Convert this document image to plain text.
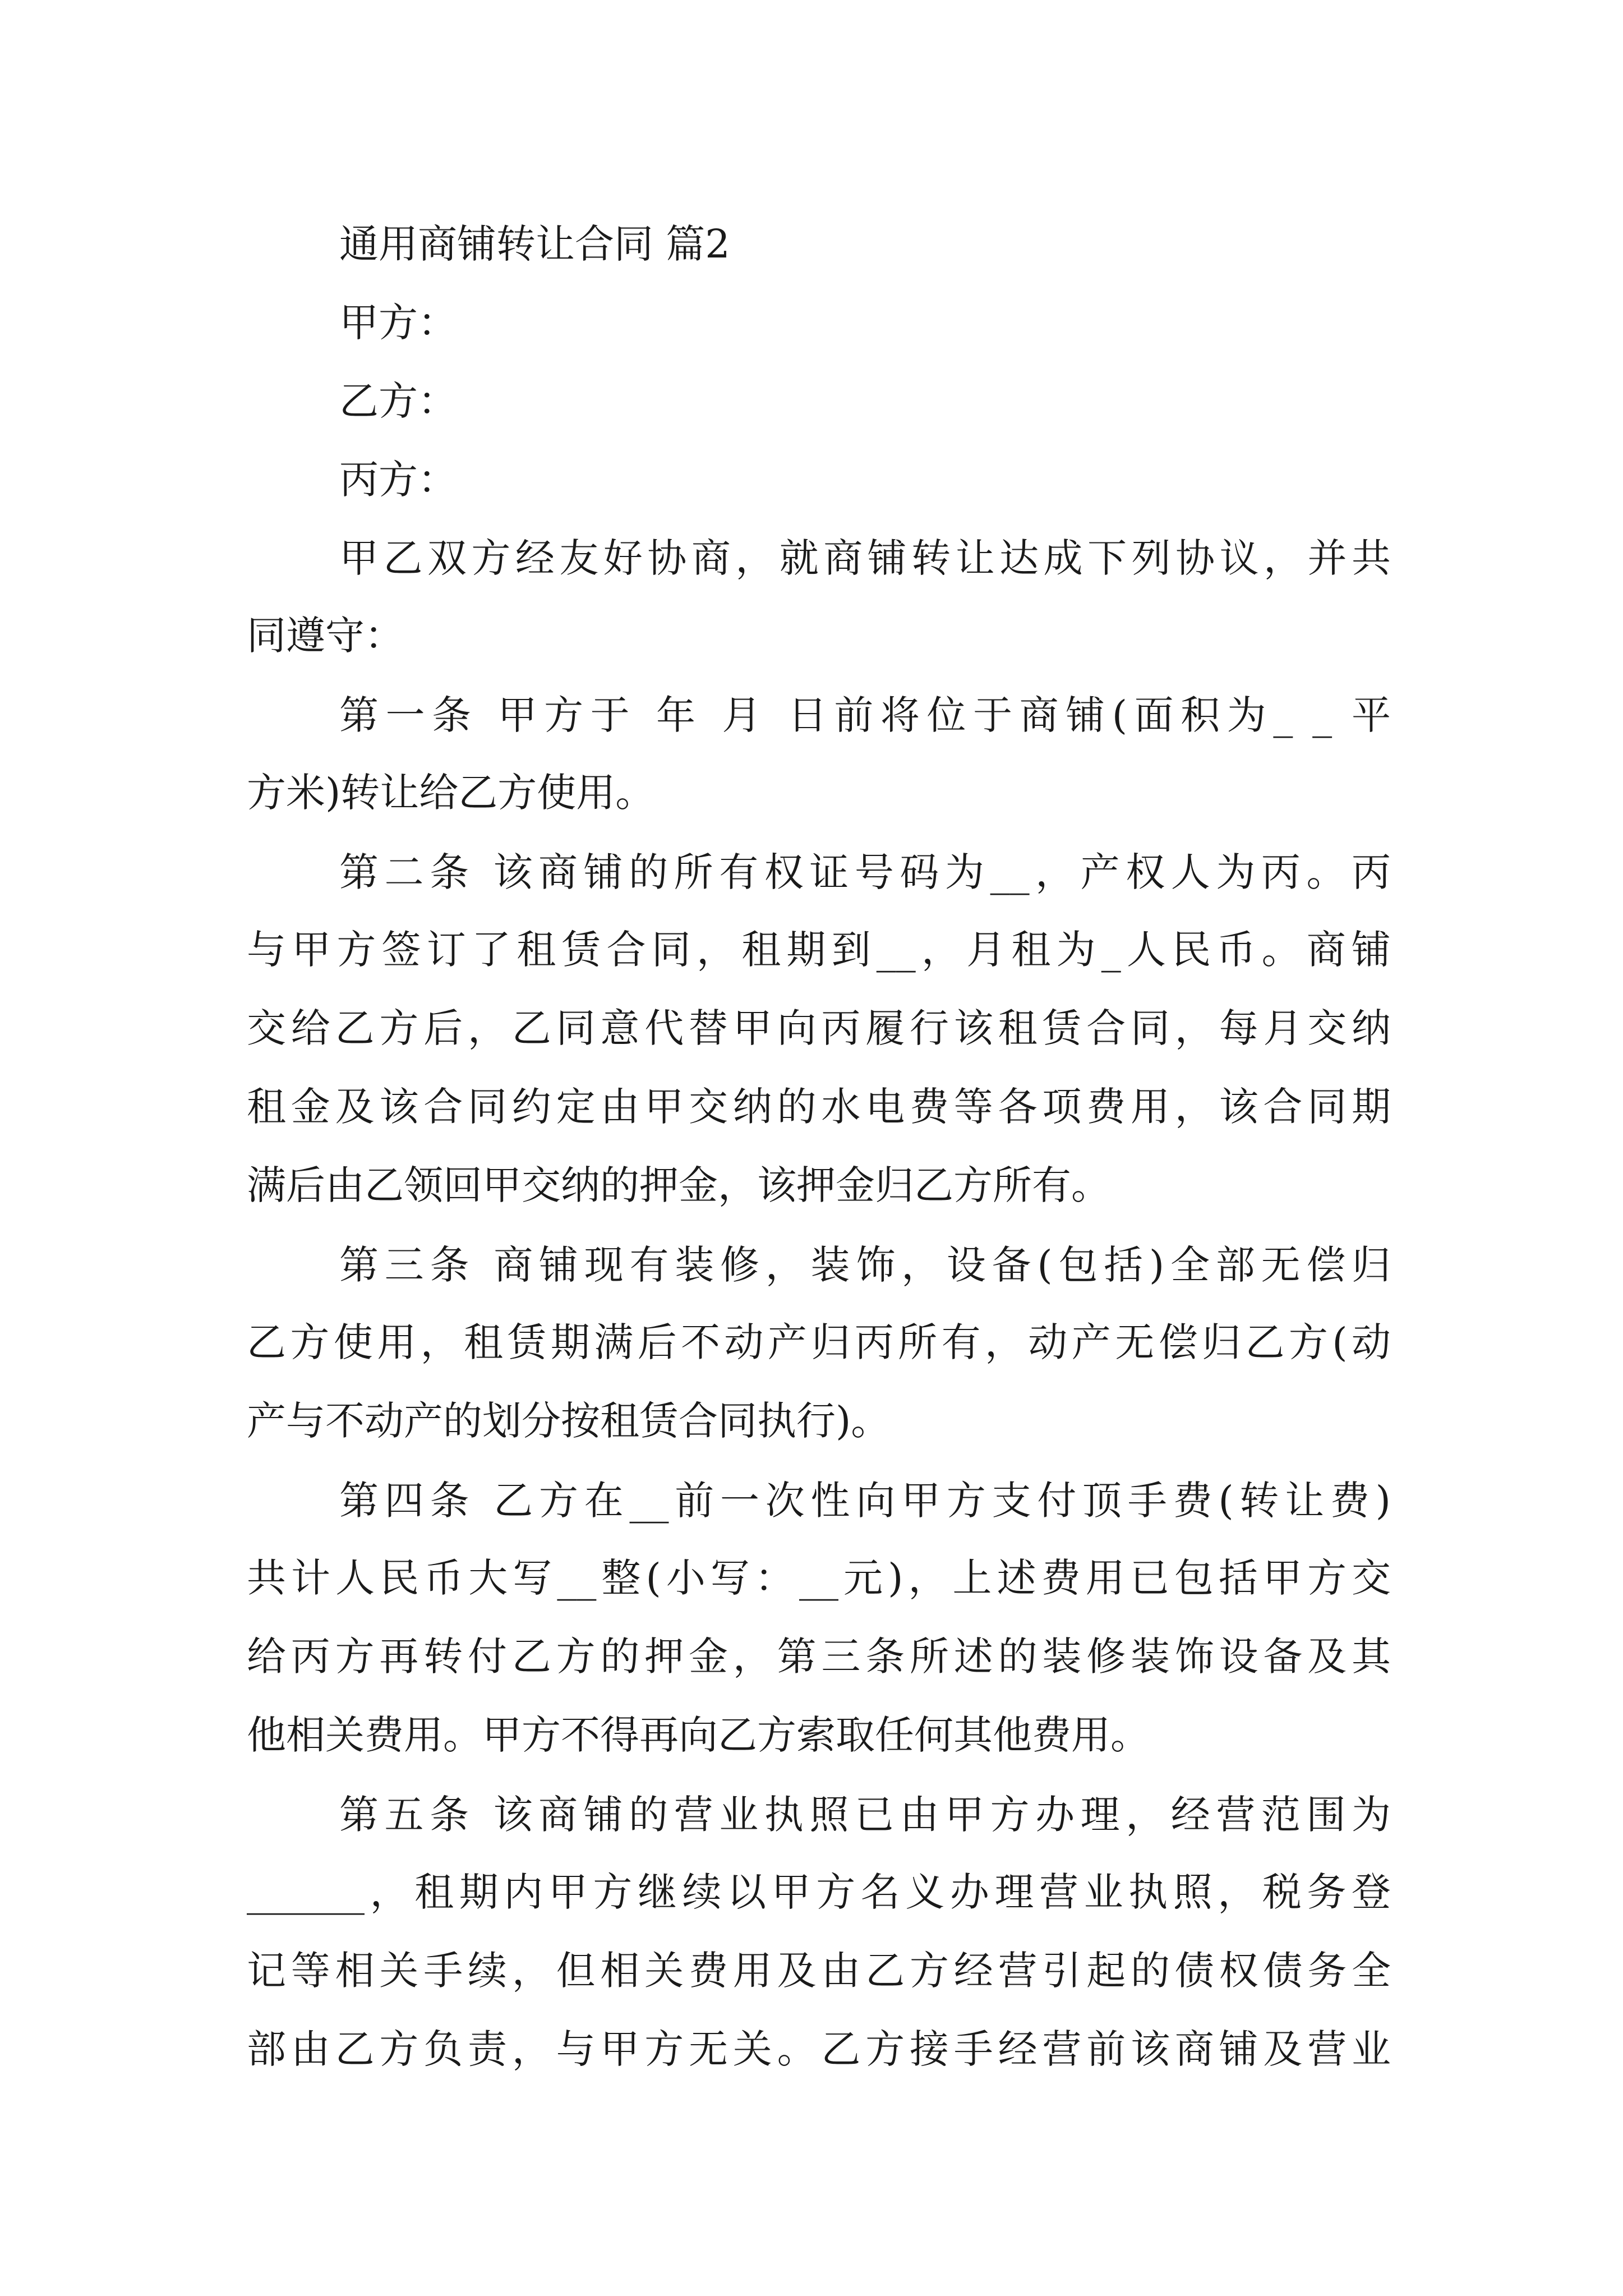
通用商铺转让合同 篇2
甲方：
乙方：
丙方：
甲乙双方经友好协商，就商铺转让达成下列协议，并共
同遵守：
第一条 甲方于 年 月 日前将位于商铺(面积为_ _ 平
方米)转让给乙方使用。
第二条 该商铺的所有权证号码为__，产权人为丙。丙
与甲方签订了租赁合同，租期到__，月租为_人民币。商铺
交给乙方后，乙同意代替甲向丙履行该租赁合同，每月交纳
租金及该合同约定由甲交纳的水电费等各项费用，该合同期
满后由乙领回甲交纳的押金，该押金归乙方所有。
第三条 商铺现有装修，装饰，设备(包括)全部无偿归
乙方使用，租赁期满后不动产归丙所有，动产无偿归乙方(动
产与不动产的划分按租赁合同执行)。
第四条 乙方在__前一次性向甲方支付顶手费(转让费)
共计人民币大写__整(小写：__元)，上述费用已包括甲方交
给丙方再转付乙方的押金，第三条所述的装修装饰设备及其
他相关费用。甲方不得再向乙方索取任何其他费用。
第五条 该商铺的营业执照已由甲方办理，经营范围为
______，租期内甲方继续以甲方名义办理营业执照，税务登
记等相关手续，但相关费用及由乙方经营引起的债权债务全
部由乙方负责，与甲方无关。乙方接手经营前该商铺及营业
